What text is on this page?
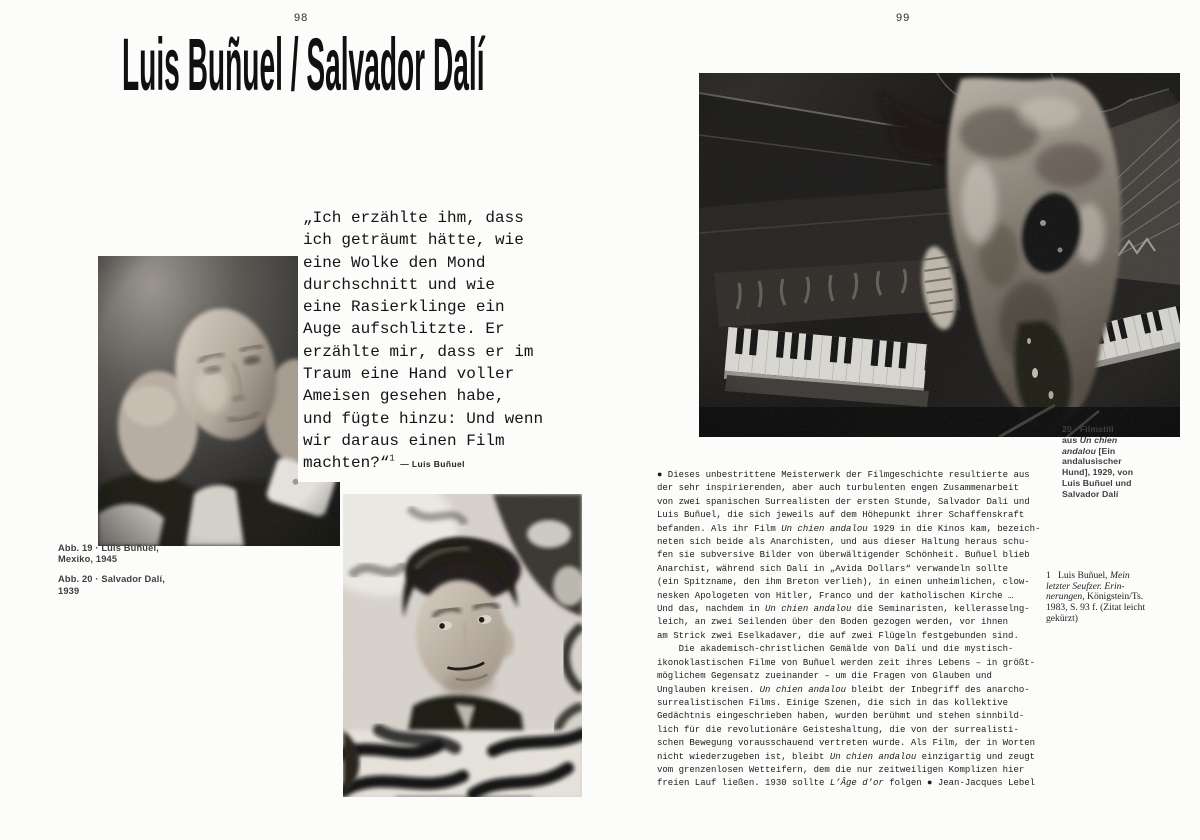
98	99
Luis Buñuel / Salvador Dalí
„Ich erzählte ihm, dass
ich geträumt hätte, wie
eine Wolke den Mond
durchschnitt und wie
eine Rasierklinge ein
Auge aufschlitzte. Er
erzählte mir, dass er im
Traum eine Hand voller
Ameisen gesehen habe,
und fügte hinzu: Und wenn
wir daraus einen Film
machten?“$^1$  — Luis Buñuel
Abb. 19 · Luis Buñuel,
Mexiko, 1945
Abb. 20 · Salvador Dalí,
1939
20 · Filmstill
aus Un chien
andalou [Ein
andalusischer
Hund], 1929, von
Luis Buñuel und
Salvador Dalí
● Dieses unbestrittene Meisterwerk der Filmgeschichte resultierte aus
der sehr inspirierenden, aber auch turbulenten engen Zusammenarbeit
von zwei spanischen Surrealisten der ersten Stunde, Salvador Dalí und
Luis Buñuel, die sich jeweils auf dem Höhepunkt ihrer Schaffenskraft
befanden. Als ihr Film Un chien andalou 1929 in die Kinos kam, bezeich-
neten sich beide als Anarchisten, und aus dieser Haltung heraus schu-
fen sie subversive Bilder von überwältigender Schönheit. Buñuel blieb
Anarchist, während sich Dalí in „Avida Dollars“ verwandeln sollte
(ein Spitzname, den ihm Breton verlieh), in einen unheimlichen, clow-
nesken Apologeten von Hitler, Franco und der katholischen Kirche …
Und das, nachdem in Un chien andalou die Seminaristen, kellerasselng-
leich, an zwei Seilenden über den Boden gezogen werden, vor ihnen
am Strick zwei Eselkadaver, die auf zwei Flügeln festgebunden sind.
Die akademisch-christlichen Gemälde von Dalí und die mystisch-
ikonoklastischen Filme von Buñuel werden zeit ihres Lebens – in größt-
möglichem Gegensatz zueinander – um die Fragen von Glauben und
Unglauben kreisen. Un chien andalou bleibt der Inbegriff des anarcho-
surrealistischen Films. Einige Szenen, die sich in das kollektive
Gedächtnis eingeschrieben haben, wurden berühmt und stehen sinnbild-
lich für die revolutionäre Geisteshaltung, die von der surrealisti-
schen Bewegung vorausschauend vertreten wurde. Als Film, der in Worten
nicht wiederzugeben ist, bleibt Un chien andalou einzigartig und zeugt
vom grenzenlosen Wetteifern, dem die nur zeitweiligen Komplizen hier
freien Lauf ließen. 1930 sollte L’Âge d’or folgen ● Jean-Jacques Lebel
1   Luis Buñuel, Mein
letzter Seufzer. Erin-
nerungen, Königstein/Ts.
1983, S. 93 f. (Zitat leicht
gekürzt)
